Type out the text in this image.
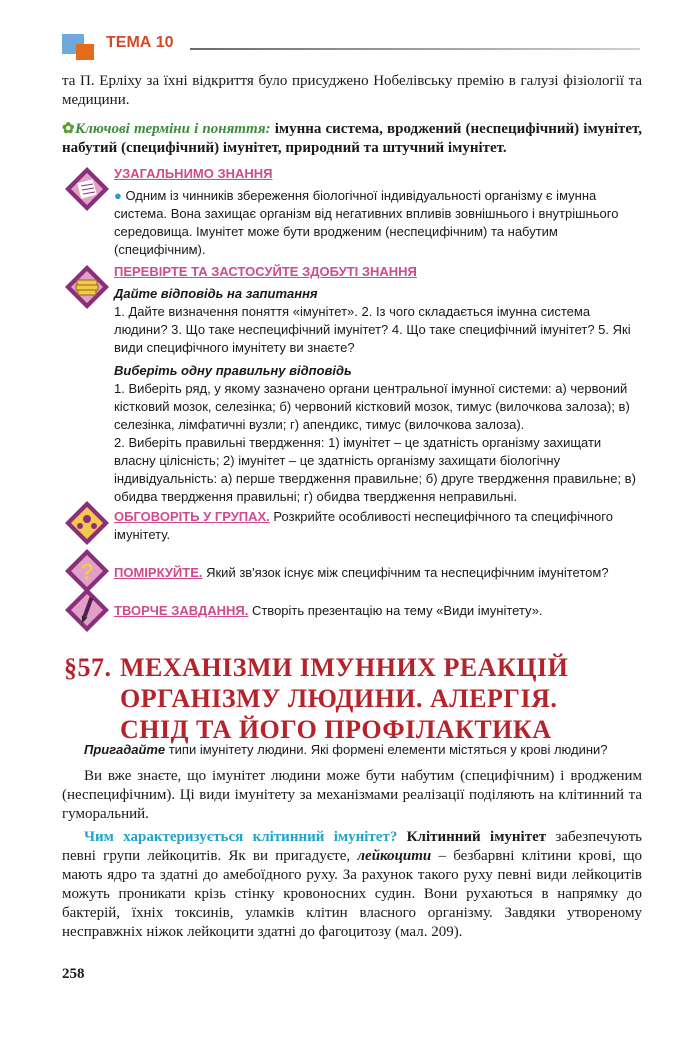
ТЕМА 10
та П. Ерліху за їхні відкриття було присуджено Нобелівську премію в галузі фізіології та медицини.
✿Ключові терміни і поняття: імунна система, вроджений (неспецифічний) імунітет, набутий (специфічний) імунітет, природний та штучний імунітет.
УЗАГАЛЬНИМО ЗНАННЯ
● Одним із чинників збереження біологічної індивідуальності організму є імунна система. Вона захищає організм від негативних впливів зовнішнього і внутрішнього середовища. Імунітет може бути вродженим (неспецифічним) та набутим (специфічним).
ПЕРЕВІРТЕ ТА ЗАСТОСУЙТЕ ЗДОБУТІ ЗНАННЯ
Дайте відповідь на запитання
1. Дайте визначення поняття «імунітет». 2. Із чого складається імунна система людини? 3. Що таке неспецифічний імунітет? 4. Що таке специфічний імунітет? 5. Які види специфічного імунітету ви знаєте?
Виберіть одну правильну відповідь
1. Виберіть ряд, у якому зазначено органи центральної імунної системи: а) червоний кістковий мозок, селезінка; б) червоний кістковий мозок, тимус (вилочкова залоза); в) селезінка, лімфатичні вузли; г) апендикс, тимус (вилочкова залоза).
2. Виберіть правильні твердження: 1) імунітет – це здатність організму захищати власну цілісність; 2) імунітет – це здатність організму захищати біологічну індивідуальність: а) перше твердження правильне; б) друге твердження правильне; в) обидва твердження правильні; г) обидва твердження неправильні.
ОБГОВОРІТЬ У ГРУПАХ. Розкрийте особливості неспецифічного та специфічного імунітету.
? ПОМІРКУЙТЕ. Який зв'язок існує між специфічним та неспецифічним імунітетом?
ТВОРЧЕ ЗАВДАННЯ. Створіть презентацію на тему «Види імунітету».
§57. МЕХАНІЗМИ ІМУННИХ РЕАКЦІЙ
ОРГАНІЗМУ ЛЮДИНИ. АЛЕРГІЯ.
СНІД ТА ЙОГО ПРОФІЛАКТИКА
Пригадайте типи імунітету людини. Які формені елементи містяться у крові людини?
Ви вже знаєте, що імунітет людини може бути набутим (специфічним) і вродженим (неспецифічним). Ці види імунітету за механізмами реалізації поділяють на клітинний та гуморальний.
Чим характеризується клітинний імунітет? Клітинний імунітет забезпечують певні групи лейкоцитів. Як ви пригадуєте, лейкоцити – безбарвні клітини крові, що мають ядро та здатні до амебоїдного руху. За рахунок такого руху певні види лейкоцитів можуть проникати крізь стінку кровоносних судин. Вони рухаються в напрямку до бактерій, їхніх токсинів, уламків клітин власного організму. Завдяки утвореному несправжніх ніжок лейкоцити здатні до фагоцитозу (мал. 209).
258
